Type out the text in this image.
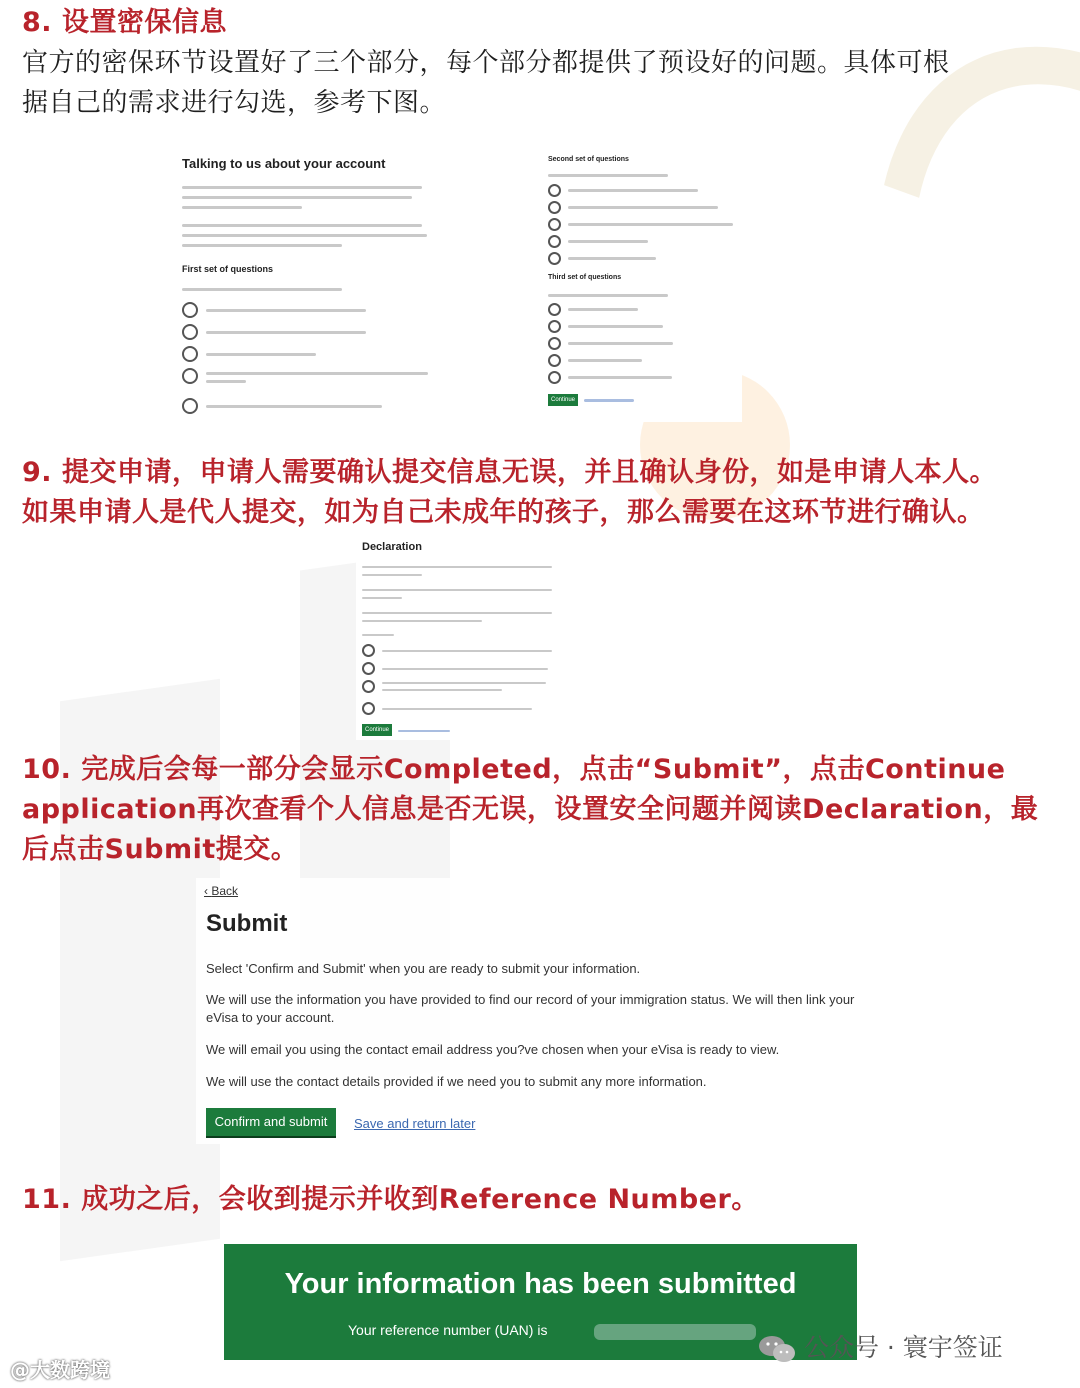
8. 设置密保信息
官方的密保环节设置好了三个部分，每个部分都提供了预设好的问题。具体可根
据自己的需求进行勾选，参考下图。
Talking to us about your account
First set of questions
Second set of questions
Third set of questions
Continue
9. 提交申请，申请人需要确认提交信息无误，并且确认身份，如是申请人本人。
如果申请人是代人提交，如为自己未成年的孩子，那么需要在这环节进行确认。
Declaration
Continue
10. 完成后会每一部分会显示Completed，点击“Submit”，点击Continue
application再次查看个人信息是否无误，设置安全问题并阅读Declaration，最
后点击Submit提交。
‹ Back
Submit
Select 'Confirm and Submit' when you are ready to submit your information.
We will use the information you have provided to find our record of your immigration status. We will then link your
eVisa to your account.
We will email you using the contact email address you?ve chosen when your eVisa is ready to view.
We will use the contact details provided if we need you to submit any more information.
Confirm and submit	Save and return later
11. 成功之后，会收到提示并收到Reference Number。
Your information has been submitted
Your reference number (UAN) is
公众号 · 寰宇签证
@大数跨境
